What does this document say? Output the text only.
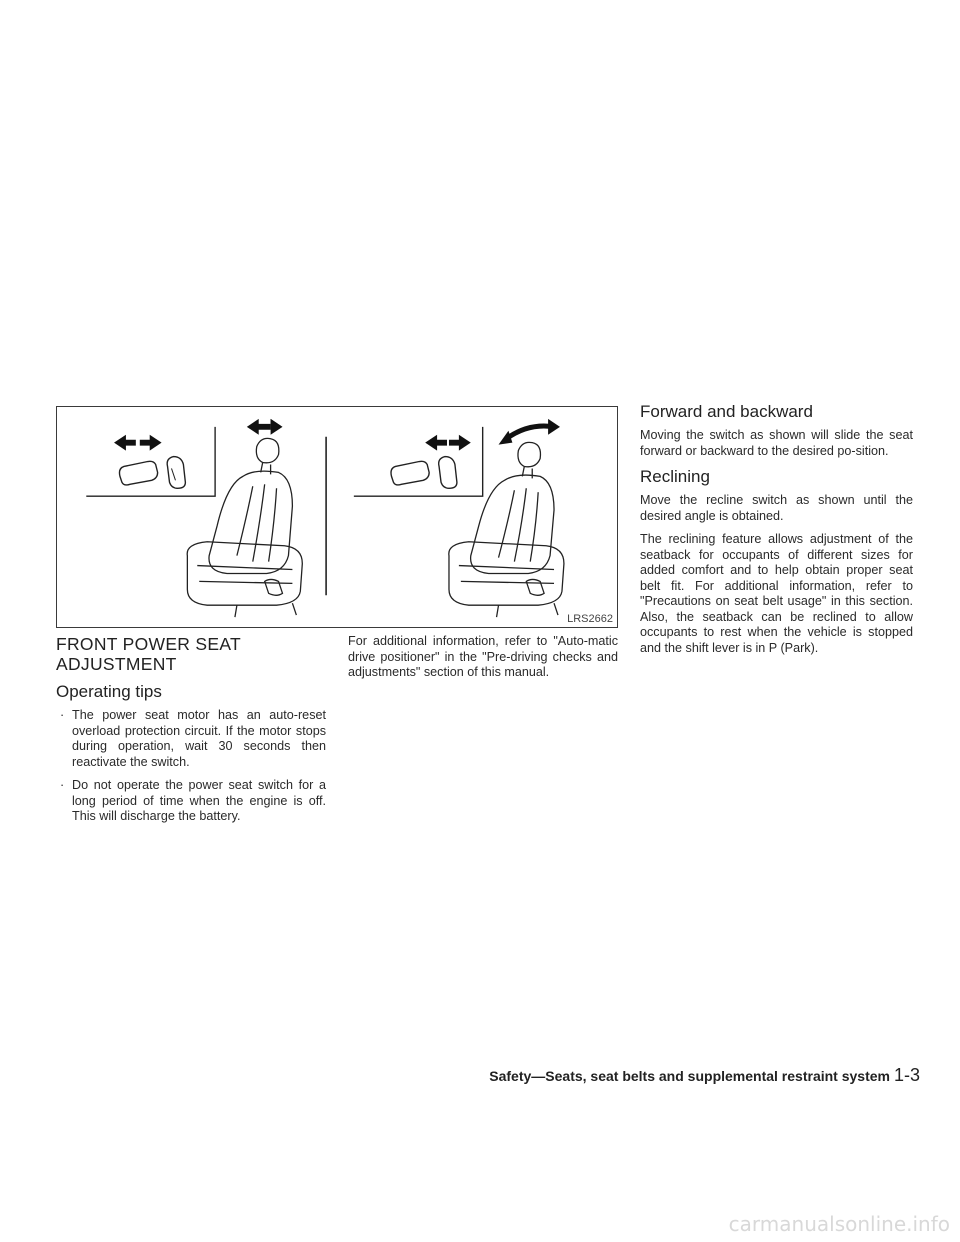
LRS2662
FRONT POWER SEAT ADJUSTMENT
Operating tips
· The power seat motor has an auto-reset overload protection circuit. If the motor stops during operation, wait 30 seconds then reactivate the switch.
· Do not operate the power seat switch for a long period of time when the engine is off. This will discharge the battery.

For additional information, refer to "Auto-matic drive positioner" in the "Pre-driving checks and adjustments" section of this manual.

Forward and backward

Moving the switch as shown will slide the seat forward or backward to the desired po-sition.

Reclining

Move the recline switch as shown until the desired angle is obtained.

The reclining feature allows adjustment of the seatback for occupants of different sizes for added comfort and to help obtain proper seat belt fit. For additional information, refer to "Precautions on seat belt usage" in this section. Also, the seatback can be reclined to allow occupants to rest when the vehicle is stopped and the shift lever is in P (Park).

Safety—Seats, seat belts and supplemental restraint system 1-3
carmanualsonline.info
